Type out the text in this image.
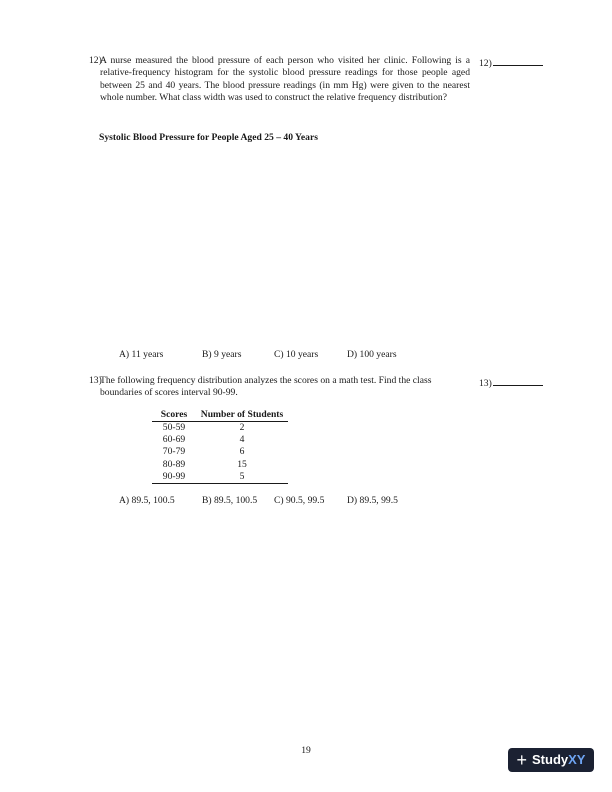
12)
A nurse measured the blood pressure of each person who visited her clinic. Following is a relative-frequency histogram for the systolic blood pressure readings for those people aged between 25 and 40 years. The blood pressure readings (in mm Hg) were given to the nearest whole number. What class width was used to construct the relative frequency distribution?
12)
Systolic Blood Pressure for People Aged 25 – 40 Years
A) 11 years	B) 9 years	C) 10 years	D) 100 years
13)
The following frequency distribution analyzes the scores on a math test. Find the class boundaries of scores interval 90-99.
13)
Scores	Number of Students
50-59	2
60-69	4
70-79	6
80-89	15
90-99	5
A) 89.5, 100.5	B) 89.5, 100.5	C) 90.5, 99.5	D) 89.5, 99.5
19	+ Study XY
